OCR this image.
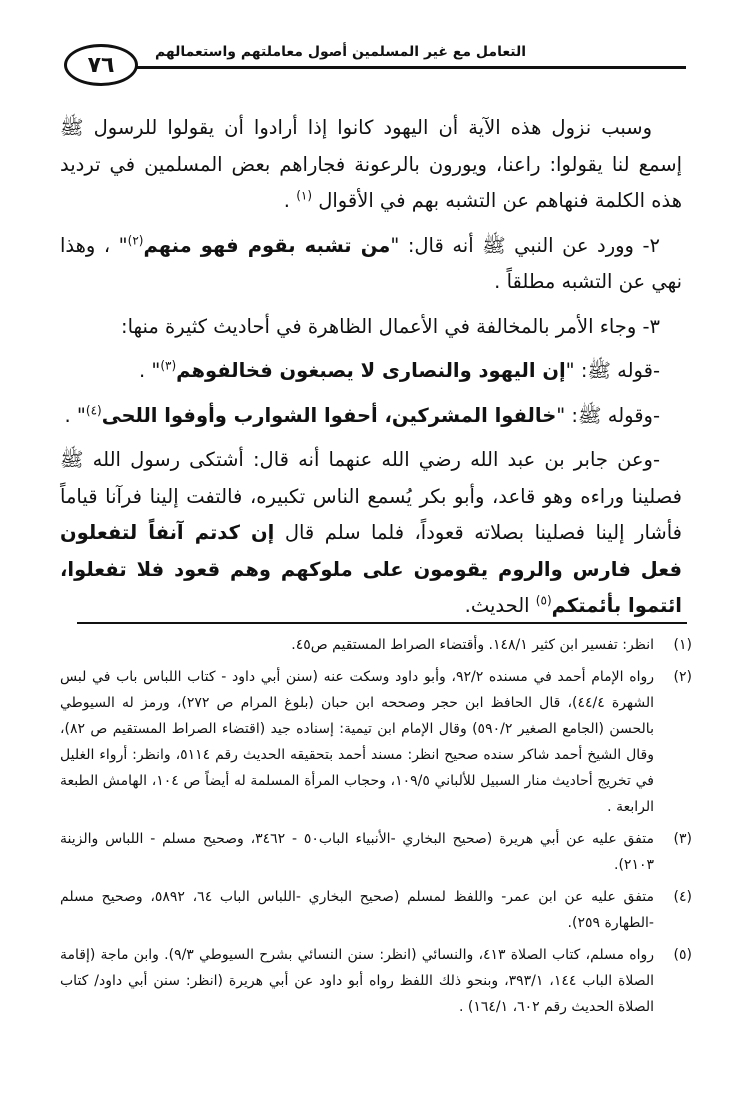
التعامل مع غير المسلمين أصول معاملتهم واستعمالهم
٧٦

وسبب نزول هذه الآية أن اليهود كانوا إذا أرادوا أن يقولوا للرسول ﷺ إسمع لنا يقولوا: راعنا، ويورون بالرعونة فجاراهم بعض المسلمين في ترديد هذه الكلمة فنهاهم عن التشبه بهم في الأقوال $^{(١)}$ .

٢- وورد عن النبي ﷺ أنه قال: "من تشبه بقوم فهو منهم$^{(٢)}$" ، وهذا نهي عن التشبه مطلقاً .

٣- وجاء الأمر بالمخالفة في الأعمال الظاهرة في أحاديث كثيرة منها:

-قوله ﷺ: "إن اليهود والنصارى لا يصبغون فخالفوهم$^{(٣)}$" .

-وقوله ﷺ: "خالفوا المشركين، أحفوا الشوارب وأوفوا اللحى$^{(٤)}$" .

-وعن جابر بن عبد الله رضي الله عنهما أنه قال: أشتكى رسول الله ﷺ فصلينا وراءه وهو قاعد، وأبو بكر يُسمع الناس تكبيره، فالتفت إلينا فرآنا قياماً فأشار إلينا فصلينا بصلاته قعوداً، فلما سلم قال إن كدتم آنفاً لتفعلون فعل فارس والروم يقومون على ملوكهم وهم قعود فلا تفعلوا، ائتموا بأئمتكم$^{(٥)}$ الحديث.

(١)
انظر: تفسير ابن كثير ١٤٨/١. وأقتضاء الصراط المستقيم ص٤٥.
(٢)
رواه الإمام أحمد في مسنده ٩٢/٢، وأبو داود وسكت عنه (سنن أبي داود - كتاب اللباس باب في لبس الشهرة ٤٤/٤)، قال الحافظ ابن حجر وصححه ابن حبان (بلوغ المرام ص ٢٧٢)، ورمز له السيوطي بالحسن (الجامع الصغير ٥٩٠/٢) وقال الإمام ابن تيمية: إسناده جيد (اقتضاء الصراط المستقيم ص ٨٢)، وقال الشيخ أحمد شاكر سنده صحيح انظر: مسند أحمد بتحقيقه الحديث رقم ٥١١٤، وانظر: أرواء الغليل في تخريج أحاديث منار السبيل للألباني ١٠٩/٥، وحجاب المرأة المسلمة له أيضاً ص ١٠٤، الهامش الطبعة الرابعة .
(٣)
متفق عليه عن أبي هريرة (صحيح البخاري -الأنبياء الباب٥٠ - ٣٤٦٢، وصحيح مسلم - اللباس والزينة ٢١٠٣).
(٤)
متفق عليه عن ابن عمر- واللفظ لمسلم (صحيح البخاري -اللباس الباب ٦٤، ٥٨٩٢، وصحيح مسلم -الطهارة ٢٥٩).
(٥)
رواه مسلم، كتاب الصلاة ٤١٣، والنسائي (انظر: سنن النسائي بشرح السيوطي ٩/٣). وابن ماجة (إقامة الصلاة الباب ١٤٤، ٣٩٣/١، وبنحو ذلك اللفظ رواه أبو داود عن أبي هريرة (انظر: سنن أبي داود/ كتاب الصلاة الحديث رقم ٦٠٢، ١٦٤/١) .
